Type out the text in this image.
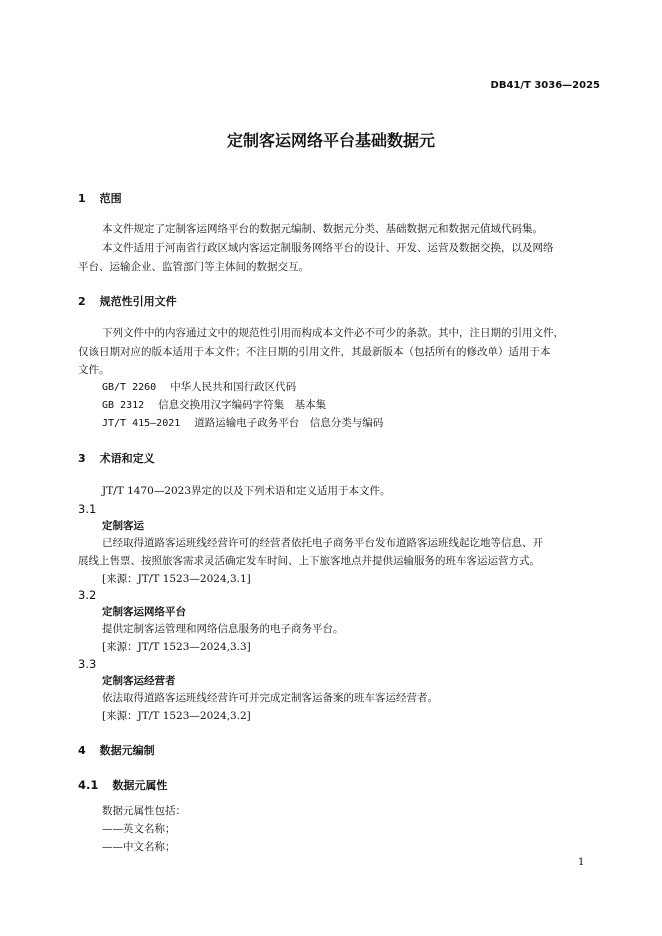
DB41/T 3036—2025
定制客运网络平台基础数据元
1 范围
本文件规定了定制客运网络平台的数据元编制、数据元分类、基础数据元和数据元值域代码集。
本文件适用于河南省行政区域内客运定制服务网络平台的设计、开发、运营及数据交换，以及网络
平台、运输企业、监管部门等主体间的数据交互。
2 规范性引用文件
下列文件中的内容通过文中的规范性引用而构成本文件必不可少的条款。其中，注日期的引用文件，
仅该日期对应的版本适用于本文件；不注日期的引用文件，其最新版本（包括所有的修改单）适用于本
文件。
GB/T 2260 中华人民共和国行政区代码
GB 2312 信息交换用汉字编码字符集　基本集
JT/T 415—2021 道路运输电子政务平台　信息分类与编码
3 术语和定义
JT/T 1470—2023界定的以及下列术语和定义适用于本文件。
3.1
定制客运
已经取得道路客运班线经营许可的经营者依托电子商务平台发布道路客运班线起讫地等信息、开
展线上售票、按照旅客需求灵活确定发车时间、上下旅客地点并提供运输服务的班车客运运营方式。
[来源：JT/T 1523—2024,3.1]
3.2
定制客运网络平台
提供定制客运管理和网络信息服务的电子商务平台。
[来源：JT/T 1523—2024,3.3]
3.3
定制客运经营者
依法取得道路客运班线经营许可并完成定制客运备案的班车客运经营者。
[来源：JT/T 1523—2024,3.2]
4 数据元编制
4.1 数据元属性
数据元属性包括：
——英文名称；
——中文名称；
1
